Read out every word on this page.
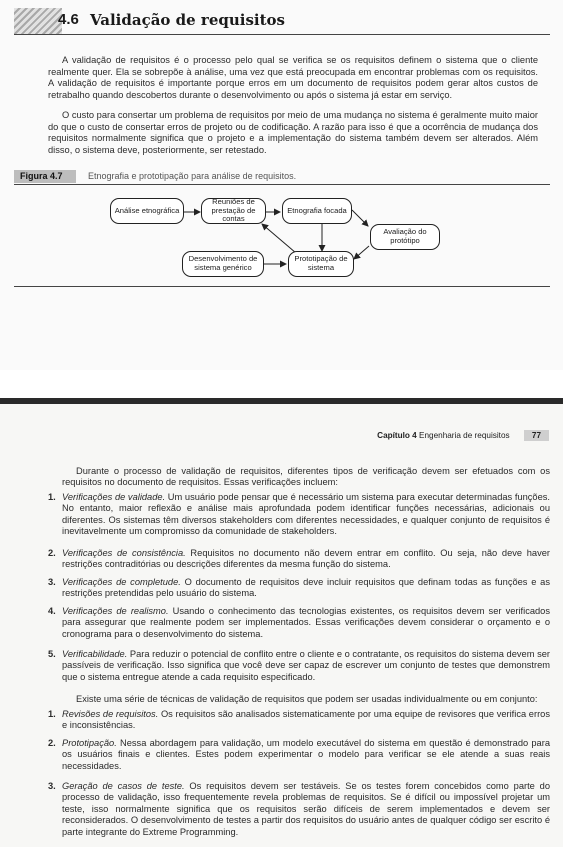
4.6 Validação de requisitos
A validação de requisitos é o processo pelo qual se verifica se os requisitos definem o sistema que o cliente realmente quer. Ela se sobrepõe à análise, uma vez que está preocupada em encontrar problemas com os requisitos. A validação de requisitos é importante porque erros em um documento de requisitos podem gerar altos custos de retrabalho quando descobertos durante o desenvolvimento ou após o sistema já estar em serviço.
O custo para consertar um problema de requisitos por meio de uma mudança no sistema é geralmente muito maior do que o custo de consertar erros de projeto ou de codificação. A razão para isso é que a ocorrência de mudança dos requisitos normalmente significa que o projeto e a implementação do sistema também devem ser alterados. Além disso, o sistema deve, posteriormente, ser retestado.
Figura 4.7	Etnografia e prototipação para análise de requisitos.
Análise etnográfica
Reuniões de prestação de contas
Etnografia focada
Avaliação do protótipo
Desenvolvimento de sistema genérico
Prototipação de sistema
Capítulo 4 Engenharia de requisitos	77
Durante o processo de validação de requisitos, diferentes tipos de verificação devem ser efetuados com os requisitos no documento de requisitos. Essas verificações incluem:
1. Verificações de validade. Um usuário pode pensar que é necessário um sistema para executar determinadas funções. No entanto, maior reflexão e análise mais aprofundada podem identificar funções necessárias, adicionais ou diferentes. Os sistemas têm diversos stakeholders com diferentes necessidades, e qualquer conjunto de requisitos é inevitavelmente um compromisso da comunidade de stakeholders.
2. Verificações de consistência. Requisitos no documento não devem entrar em conflito. Ou seja, não deve haver restrições contraditórias ou descrições diferentes da mesma função do sistema.
3. Verificações de completude. O documento de requisitos deve incluir requisitos que definam todas as funções e as restrições pretendidas pelo usuário do sistema.
4. Verificações de realismo. Usando o conhecimento das tecnologias existentes, os requisitos devem ser verificados para assegurar que realmente podem ser implementados. Essas verificações devem considerar o orçamento e o cronograma para o desenvolvimento do sistema.
5. Verificabilidade. Para reduzir o potencial de conflito entre o cliente e o contratante, os requisitos do sistema devem ser passíveis de verificação. Isso significa que você deve ser capaz de escrever um conjunto de testes que demonstrem que o sistema entregue atende a cada requisito especificado.
Existe uma série de técnicas de validação de requisitos que podem ser usadas individualmente ou em conjunto:
1. Revisões de requisitos. Os requisitos são analisados sistematicamente por uma equipe de revisores que verifica erros e inconsistências.
2. Prototipação. Nessa abordagem para validação, um modelo executável do sistema em questão é demonstrado para os usuários finais e clientes. Estes podem experimentar o modelo para verificar se ele atende a suas reais necessidades.
3. Geração de casos de teste. Os requisitos devem ser testáveis. Se os testes forem concebidos como parte do processo de validação, isso frequentemente revela problemas de requisitos. Se é difícil ou impossível projetar um teste, isso normalmente significa que os requisitos serão difíceis de serem implementados e devem ser reconsiderados. O desenvolvimento de testes a partir dos requisitos do usuário antes de qualquer código ser escrito é parte integrante do Extreme Programming.
